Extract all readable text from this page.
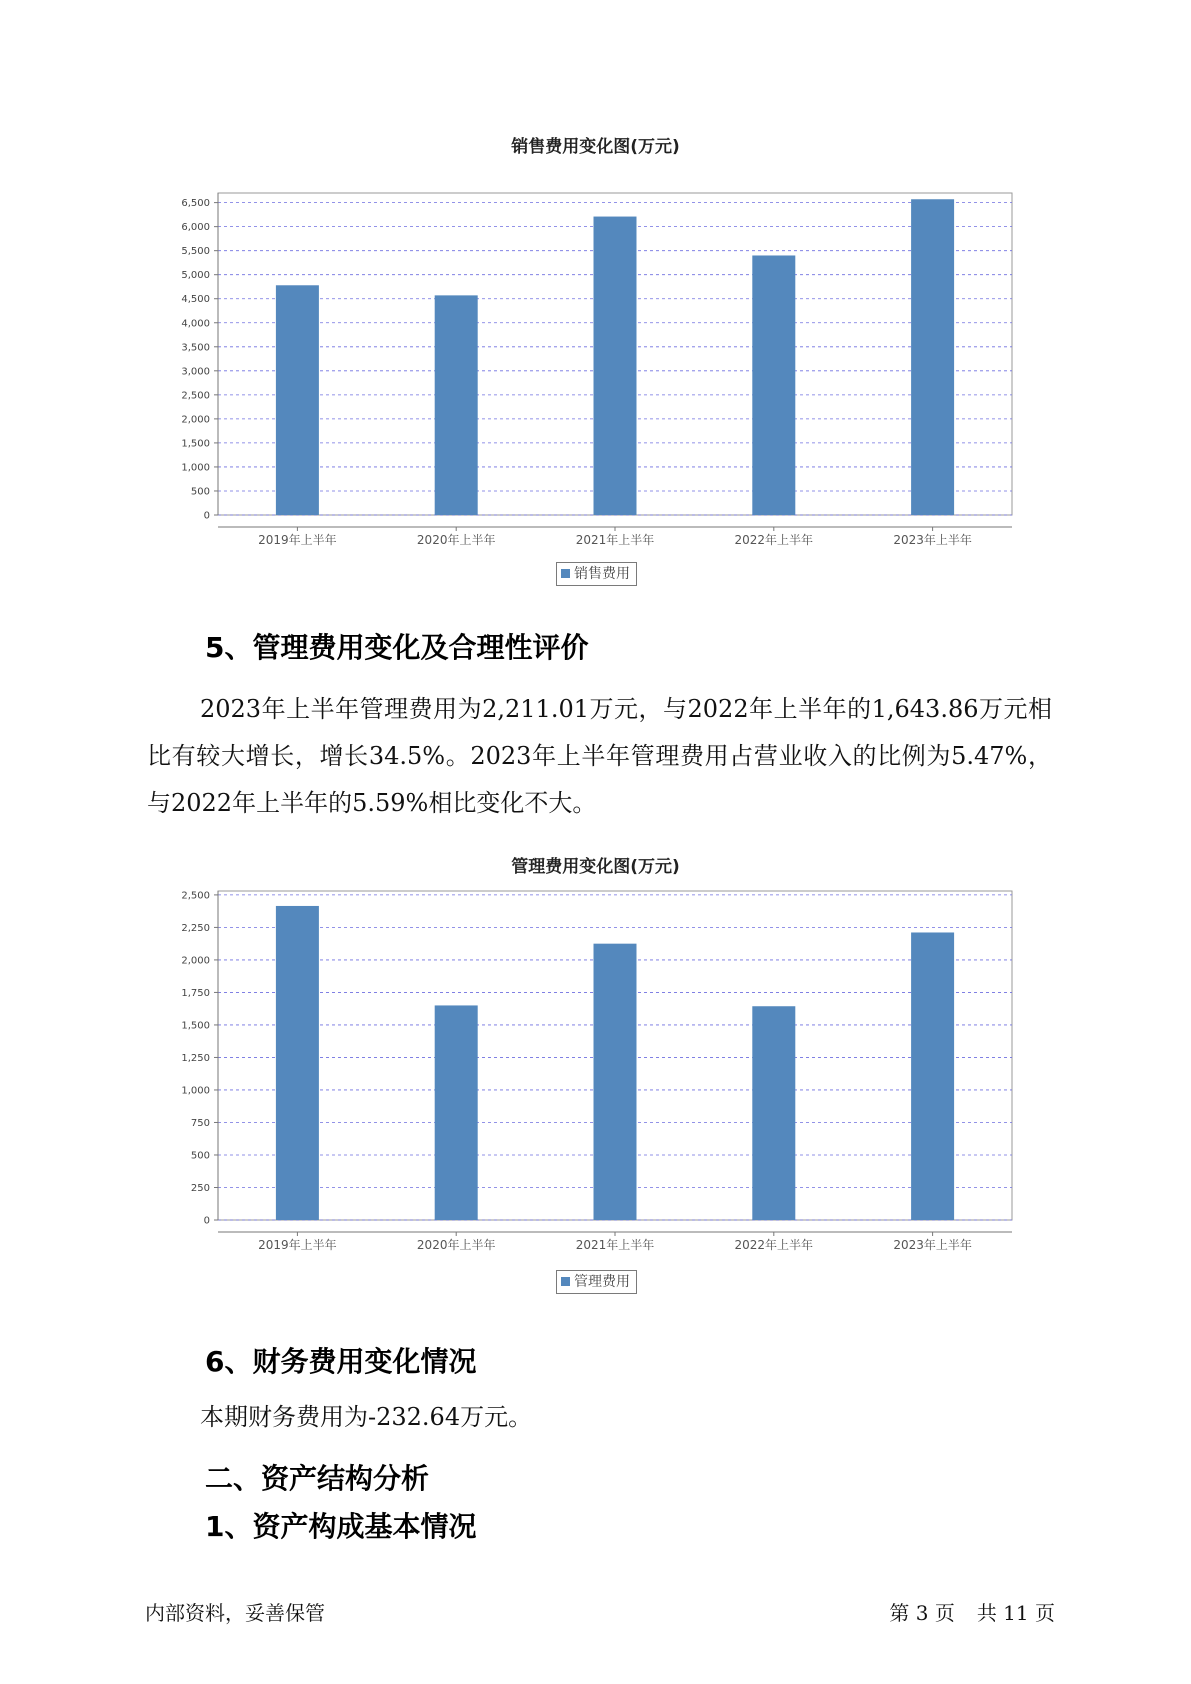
销售费用变化图(万元)
0
500
1,000
1,500
2,000
2,500
3,000
3,500
4,000
4,500
5,000
5,500
6,000
6,500
2019年上半年	2020年上半年	2021年上半年	2022年上半年	2023年上半年
销售费用
5、管理费用变化及合理性评价
2023年上半年管理费用为2,211.01万元，与2022年上半年的1,643.86万元相比有较大增长，增长34.5%。2023年上半年管理费用占营业收入的比例为5.47%，与2022年上半年的5.59%相比变化不大。
管理费用变化图(万元)
0
250
500
750
1,000
1,250
1,500
1,750
2,000
2,250
2,500
2019年上半年	2020年上半年	2021年上半年	2022年上半年	2023年上半年
管理费用
6、财务费用变化情况
本期财务费用为-232.64万元。
二、资产结构分析
1、资产构成基本情况
内部资料，妥善保管	第 3 页 共 11 页
